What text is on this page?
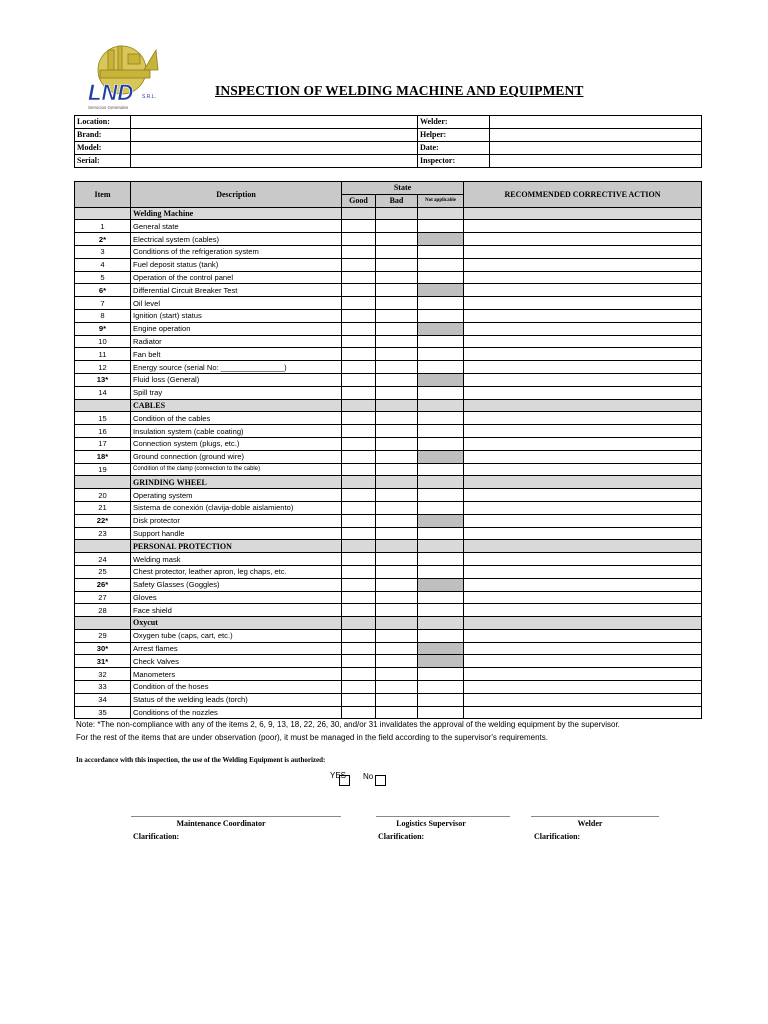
LND S.R.L.
Servicios Generales
INSPECTION OF WELDING MACHINE AND EQUIPMENT
Location:		Welder:	
Brand:		Helper:	
Model:		Date:	
Serial:		Inspector:	
Item	Description	State			RECOMMENDED CORRECTIVE ACTION
		Good	Bad	Not applicable	
	Welding Machine				
1	General state				
2*	Electrical system (cables)				
3	Conditions of the refrigeration system				
4	Fuel deposit status (tank)				
5	Operation of the control panel				
6*	Differential Circuit Breaker Test				
7	Oil level				
8	Ignition (start) status				
9*	Engine operation				
10	Radiator				
11	Fan belt				
12	Energy source (serial No: _______________)				
13*	Fluid loss (General)				
14	Spill tray				
	CABLES				
15	Condition of the cables				
16	Insulation system (cable coating)				
17	Connection system (plugs, etc.)				
18*	Ground connection (ground wire)				
19	Condition of the clamp (connection to the cable)				
	GRINDING WHEEL				
20	Operating system				
21	Sistema de conexión (clavija-doble aislamiento)				
22*	Disk protector				
23	Support handle				
	PERSONAL PROTECTION				
24	Welding mask				
25	Chest protector, leather apron, leg chaps, etc.				
26*	Safety Glasses (Goggles)				
27	Gloves				
28	Face shield				
	Oxycut				
29	Oxygen tube (caps, cart, etc.)				
30*	Arrest flames				
31*	Check Valves				
32	Manometers				
33	Condition of the hoses				
34	Status of the welding leads (torch)				
35	Conditions of the nozzles				
Note: *The non-compliance with any of the items 2, 6, 9, 13, 18, 22, 26, 30, and/or 31 invalidates the approval of the welding equipment by the supervisor.
For the rest of the items that are under observation (poor), it must be managed in the field according to the supervisor's requirements.
In accordance with this inspection, the use of the Welding Equipment is authorized:
YES No
Maintenance Coordinator
Clarification:
Logistics Supervisor
Clarification:
Welder
Clarification:
